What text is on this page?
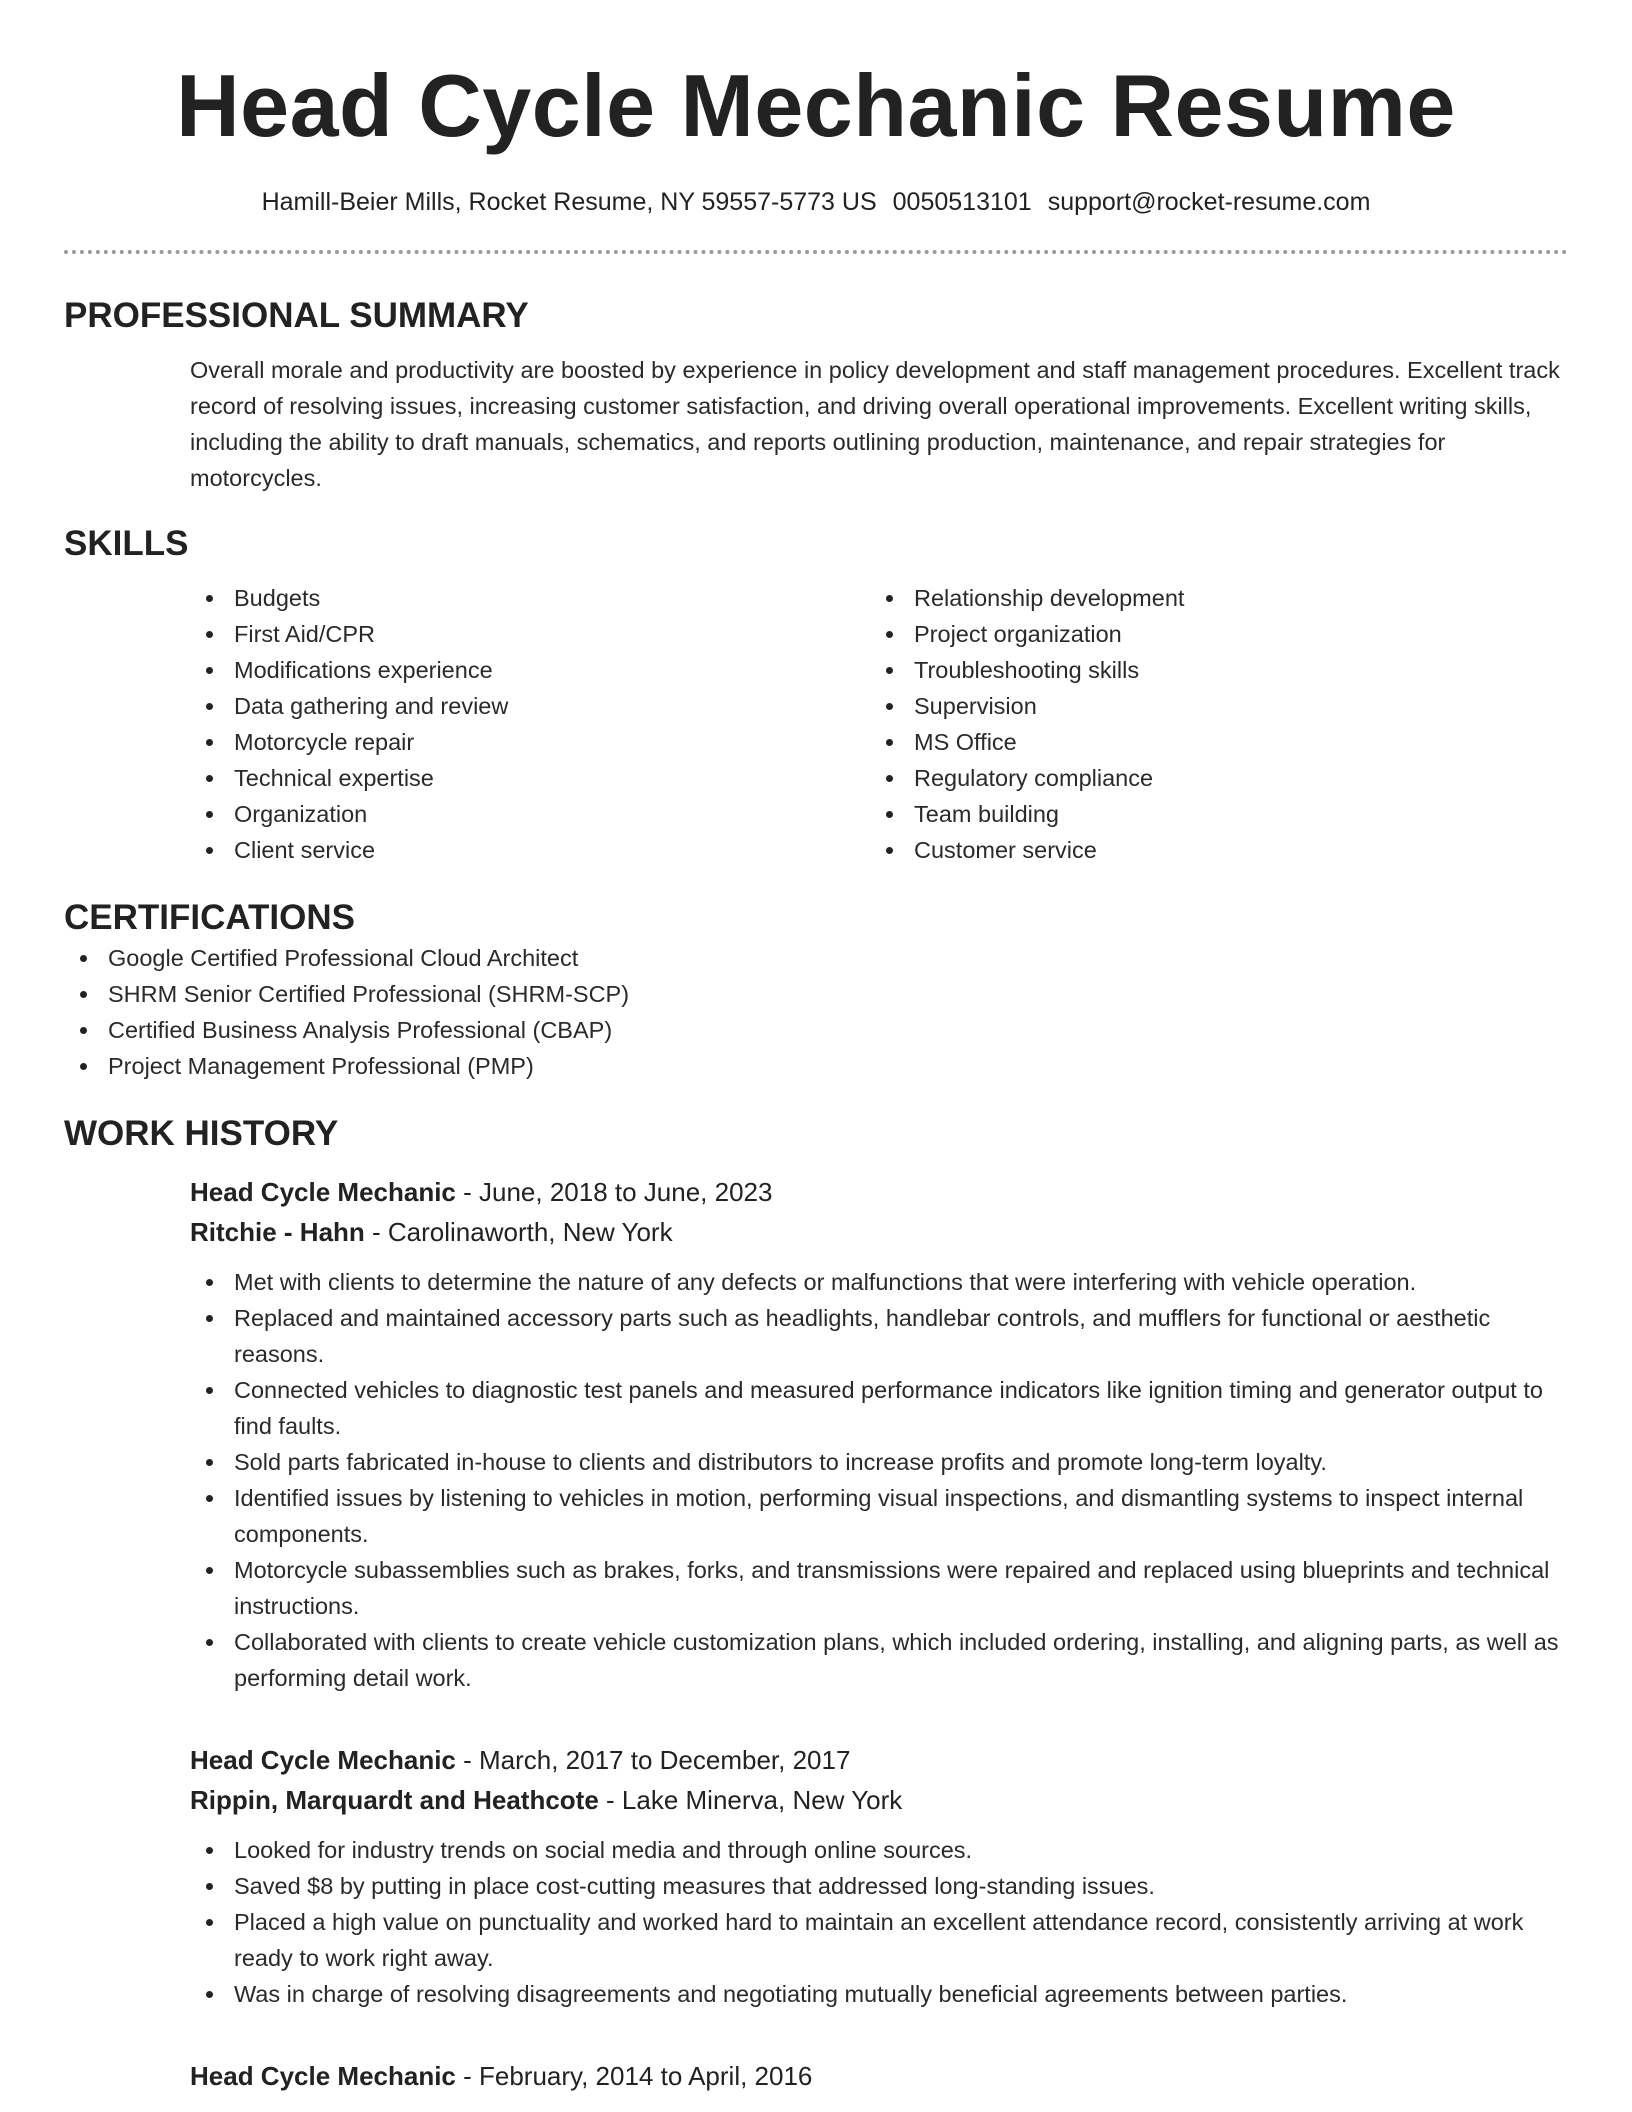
Head Cycle Mechanic Resume
Hamill-Beier Mills, Rocket Resume, NY 59557-5773 US 0050513101 support@rocket-resume.com
PROFESSIONAL SUMMARY

Overall morale and productivity are boosted by experience in policy development and staff management procedures. Excellent track record of resolving issues, increasing customer satisfaction, and driving overall operational improvements. Excellent writing skills, including the ability to draft manuals, schematics, and reports outlining production, maintenance, and repair strategies for motorcycles.

SKILLS
Budgets
First Aid/CPR
Modifications experience
Data gathering and review
Motorcycle repair
Technical expertise
Organization
Client service
Relationship development
Project organization
Troubleshooting skills
Supervision
MS Office
Regulatory compliance
Team building
Customer service
CERTIFICATIONS
Google Certified Professional Cloud Architect
SHRM Senior Certified Professional (SHRM-SCP)
Certified Business Analysis Professional (CBAP)
Project Management Professional (PMP)
WORK HISTORY
Head Cycle Mechanic - June, 2018 to June, 2023
Ritchie - Hahn - Carolinaworth, New York
Met with clients to determine the nature of any defects or malfunctions that were interfering with vehicle operation.
Replaced and maintained accessory parts such as headlights, handlebar controls, and mufflers for functional or aesthetic reasons.
Connected vehicles to diagnostic test panels and measured performance indicators like ignition timing and generator output to find faults.
Sold parts fabricated in-house to clients and distributors to increase profits and promote long-term loyalty.
Identified issues by listening to vehicles in motion, performing visual inspections, and dismantling systems to inspect internal components.
Motorcycle subassemblies such as brakes, forks, and transmissions were repaired and replaced using blueprints and technical instructions.
Collaborated with clients to create vehicle customization plans, which included ordering, installing, and aligning parts, as well as performing detail work.
Head Cycle Mechanic - March, 2017 to December, 2017
Rippin, Marquardt and Heathcote - Lake Minerva, New York
Looked for industry trends on social media and through online sources.
Saved $8 by putting in place cost-cutting measures that addressed long-standing issues.
Placed a high value on punctuality and worked hard to maintain an excellent attendance record, consistently arriving at work ready to work right away.
Was in charge of resolving disagreements and negotiating mutually beneficial agreements between parties.
Head Cycle Mechanic - February, 2014 to April, 2016
